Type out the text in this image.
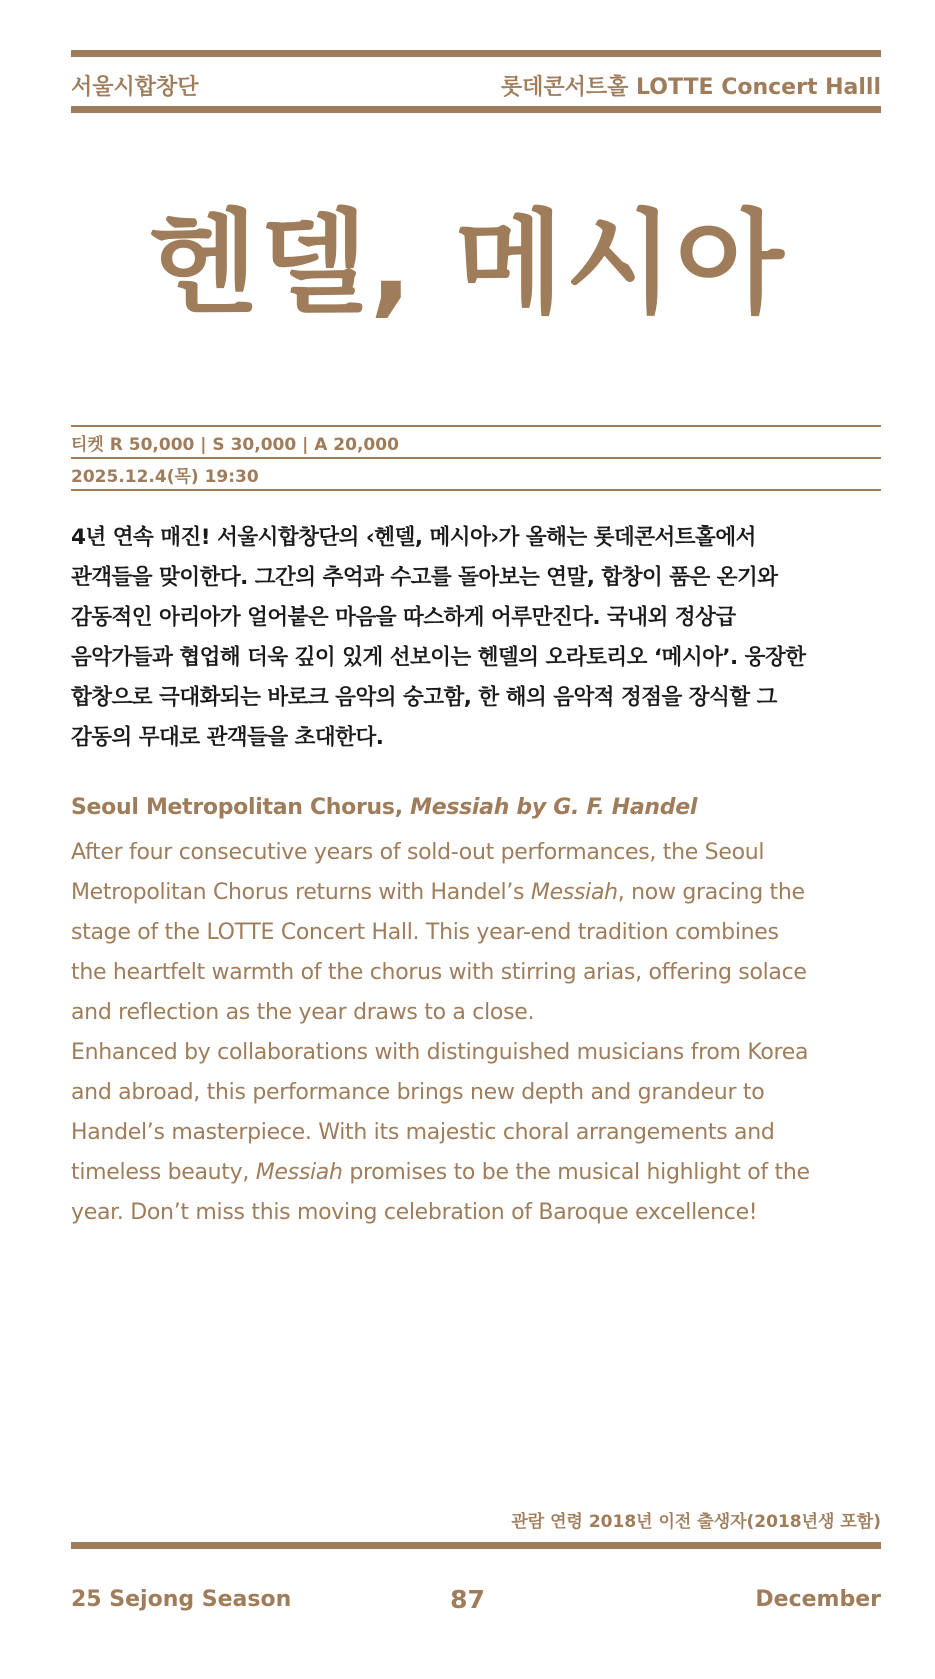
서울시합창단	롯데콘서트홀 LOTTE Concert Halll
헨델, 메시아
티켓 R 50,000 | S 30,000 | A 20,000
2025.12.4(목) 19:30
4년 연속 매진! 서울시합창단의 ‹헨델, 메시아›가 올해는 롯데콘서트홀에서
관객들을 맞이한다. 그간의 추억과 수고를 돌아보는 연말, 합창이 품은 온기와
감동적인 아리아가 얼어붙은 마음을 따스하게 어루만진다. 국내외 정상급
음악가들과 협업해 더욱 깊이 있게 선보이는 헨델의 오라토리오 ‘메시아’. 웅장한
합창으로 극대화되는 바로크 음악의 숭고함, 한 해의 음악적 정점을 장식할 그
감동의 무대로 관객들을 초대한다.
Seoul Metropolitan Chorus, Messiah by G. F. Handel
After four consecutive years of sold-out performances, the Seoul
Metropolitan Chorus returns with Handel’s Messiah, now gracing the
stage of the LOTTE Concert Hall. This year-end tradition combines
the heartfelt warmth of the chorus with stirring arias, offering solace
and reflection as the year draws to a close.
Enhanced by collaborations with distinguished musicians from Korea
and abroad, this performance brings new depth and grandeur to
Handel’s masterpiece. With its majestic choral arrangements and
timeless beauty, Messiah promises to be the musical highlight of the
year. Don’t miss this moving celebration of Baroque excellence!
관람 연령 2018년 이전 출생자(2018년생 포함)
25 Sejong Season	87	December
